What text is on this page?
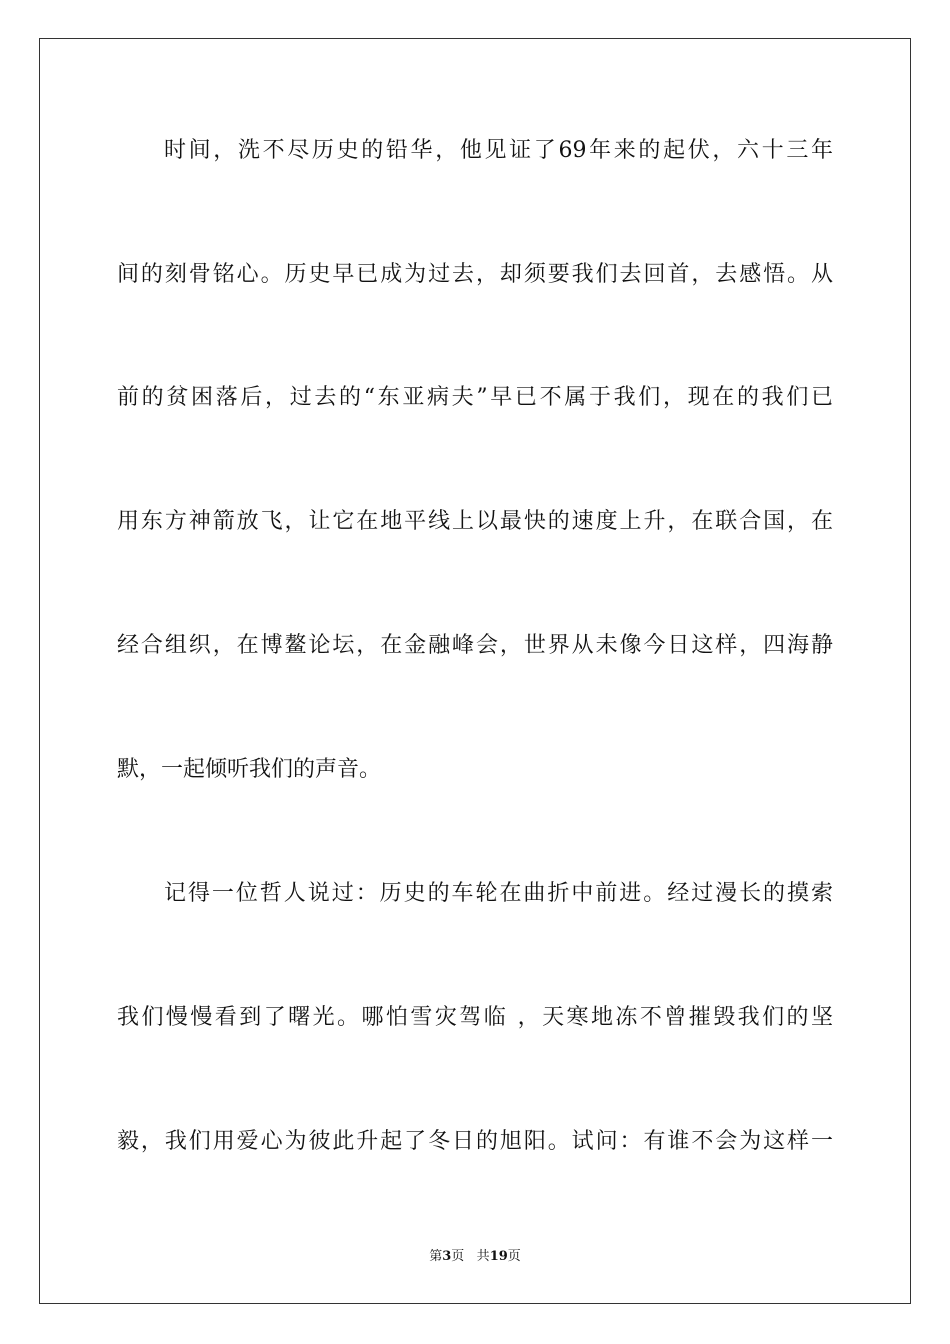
时间，洗不尽历史的铅华，他见证了69年来的起伏，六十三年
间的刻骨铭心。历史早已成为过去，却须要我们去回首，去感悟。从
前的贫困落后，过去的“东亚病夫”早已不属于我们，现在的我们已
用东方神箭放飞，让它在地平线上以最快的速度上升，在联合国，在
经合组织，在博鳌论坛，在金融峰会，世界从未像今日这样，四海静
默，一起倾听我们的声音。
记得一位哲人说过：历史的车轮在曲折中前进。经过漫长的摸索
我们慢慢看到了曙光。哪怕雪灾驾临 ，天寒地冻不曾摧毁我们的坚
毅，我们用爱心为彼此升起了冬日的旭阳。试问：有谁不会为这样一
第3页 共19页
